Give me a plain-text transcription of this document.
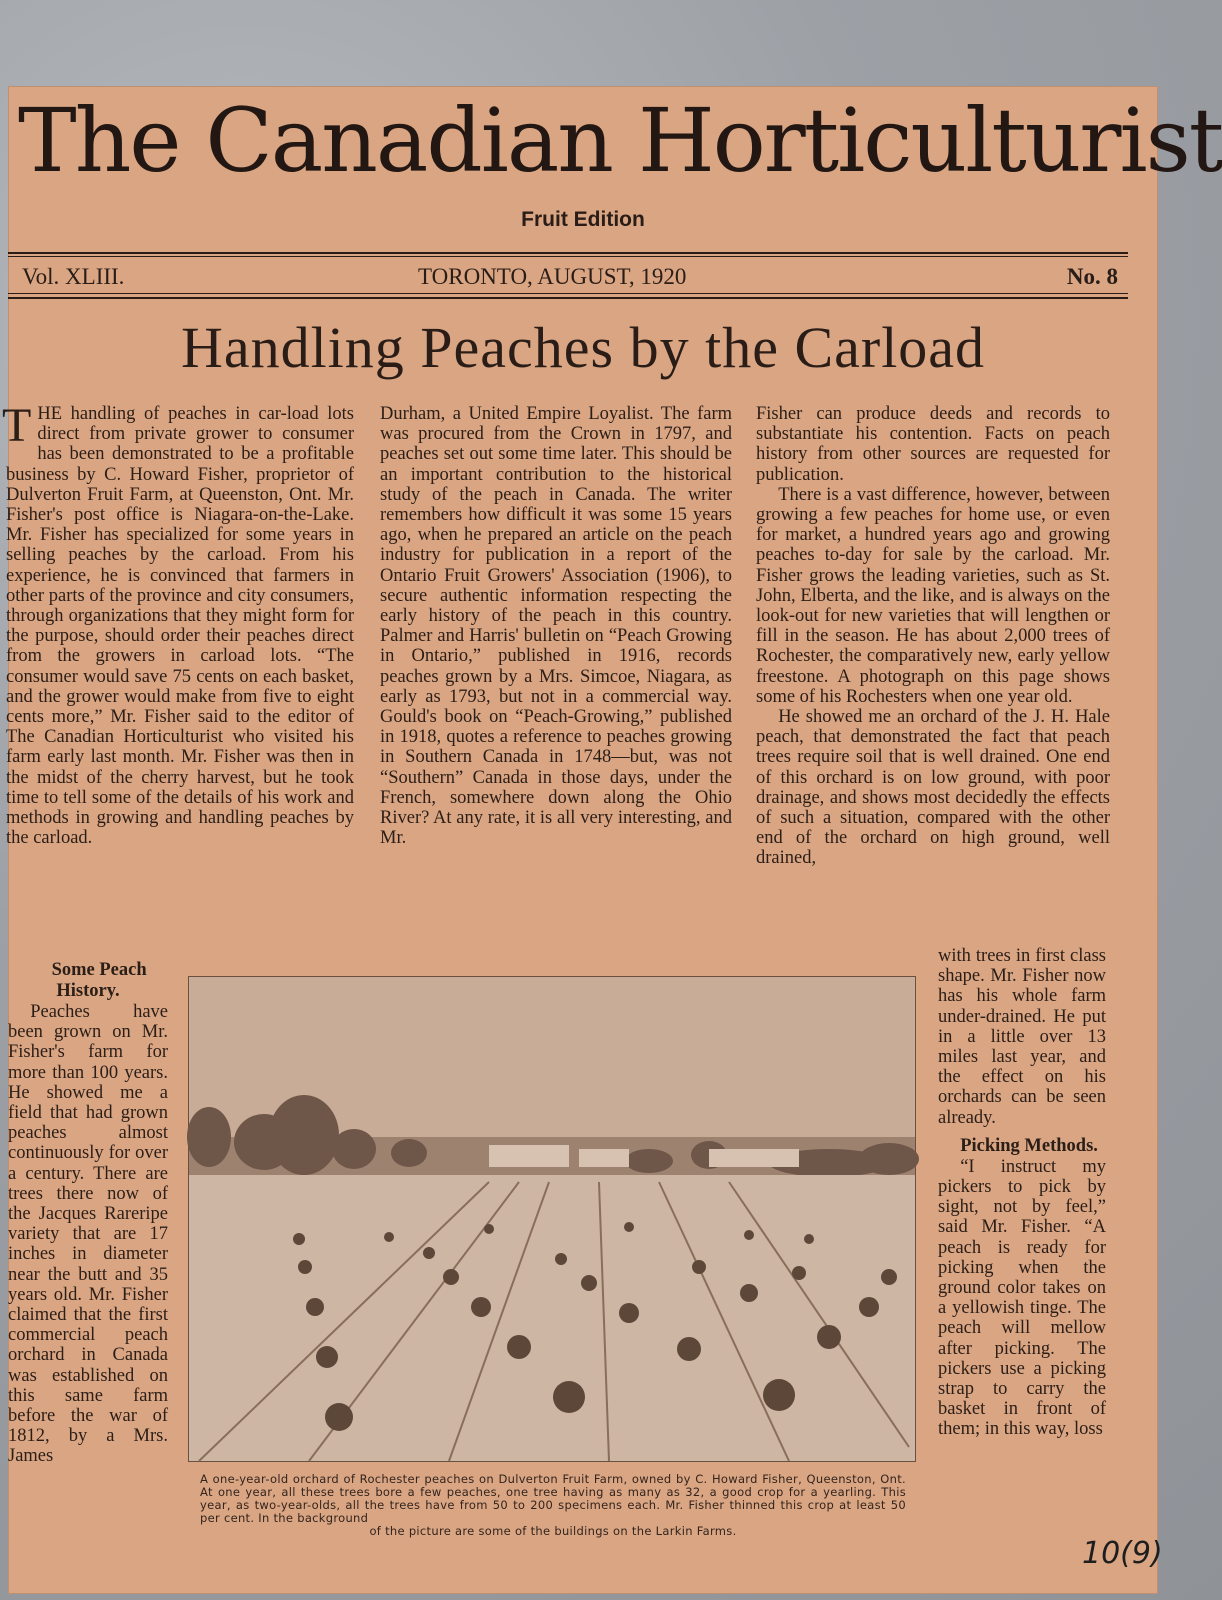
The Canadian Horticulturist
Fruit Edition
Vol. XLIII.	TORONTO, AUGUST, 1920	No. 8
Handling Peaches by the Carload

THE handling of peaches in car-load lots direct from private grower to consumer has been demonstrated to be a profitable business by C. Howard Fisher, proprietor of Dulverton Fruit Farm, at Queenston, Ont. Mr. Fisher's post office is Niagara-on-the-Lake. Mr. Fisher has specialized for some years in selling peaches by the carload. From his experience, he is convinced that farmers in other parts of the province and city consumers, through organizations that they might form for the purpose, should order their peaches direct from the growers in carload lots. “The consumer would save 75 cents on each basket, and the grower would make from five to eight cents more,” Mr. Fisher said to the editor of The Canadian Horticulturist who visited his farm early last month. Mr. Fisher was then in the midst of the cherry harvest, but he took time to tell some of the details of his work and methods in growing and handling peaches by the carload.

Some Peach History.

Peaches have been grown on Mr. Fisher's farm for more than 100 years. He showed me a field that had grown peaches almost continuously for over a century. There are trees there now of the Jacques Rareripe variety that are 17 inches in diameter near the butt and 35 years old. Mr. Fisher claimed that the first commercial peach orchard in Canada was established on this same farm before the war of 1812, by a Mrs. James

Durham, a United Empire Loyalist. The farm was procured from the Crown in 1797, and peaches set out some time later. This should be an important contribution to the historical study of the peach in Canada. The writer remembers how difficult it was some 15 years ago, when he prepared an article on the peach industry for publication in a report of the Ontario Fruit Growers' Association (1906), to secure authentic information respecting the early history of the peach in this country. Palmer and Harris' bulletin on “Peach Growing in Ontario,” published in 1916, records peaches grown by a Mrs. Simcoe, Niagara, as early as 1793, but not in a commercial way. Gould's book on “Peach-Growing,” published in 1918, quotes a reference to peaches growing in Southern Canada in 1748—but, was not “Southern” Canada in those days, under the French, somewhere down along the Ohio River? At any rate, it is all very interesting, and Mr.

Fisher can produce deeds and records to substantiate his contention. Facts on peach history from other sources are requested for publication.

There is a vast difference, however, between growing a few peaches for home use, or even for market, a hundred years ago and growing peaches to-day for sale by the carload. Mr. Fisher grows the leading varieties, such as St. John, Elberta, and the like, and is always on the look-out for new varieties that will lengthen or fill in the season. He has about 2,000 trees of Rochester, the comparatively new, early yellow freestone. A photograph on this page shows some of his Rochesters when one year old.

He showed me an orchard of the J. H. Hale peach, that demonstrated the fact that peach trees require soil that is well drained. One end of this orchard is on low ground, with poor drainage, and shows most decidedly the effects of such a situation, compared with the other end of the orchard on high ground, well drained,

with trees in first class shape. Mr. Fisher now has his whole farm under-drained. He put in a little over 13 miles last year, and the effect on his orchards can be seen already.

Picking Methods.

“I instruct my pickers to pick by sight, not by feel,” said Mr. Fisher. “A peach is ready for picking when the ground color takes on a yellowish tinge. The peach will mellow after picking. The pickers use a picking strap to carry the basket in front of them; in this way, loss

A one-year-old orchard of Rochester peaches on Dulverton Fruit Farm, owned by C. Howard Fisher, Queenston, Ont. At one year, all these trees bore a few peaches, one tree having as many as 32, a good crop for a yearling. This year, as two-year-olds, all the trees have from 50 to 200 specimens each. Mr. Fisher thinned this crop at least 50 per cent. In the background
of the picture are some of the buildings on the Larkin Farms.
10(9)
